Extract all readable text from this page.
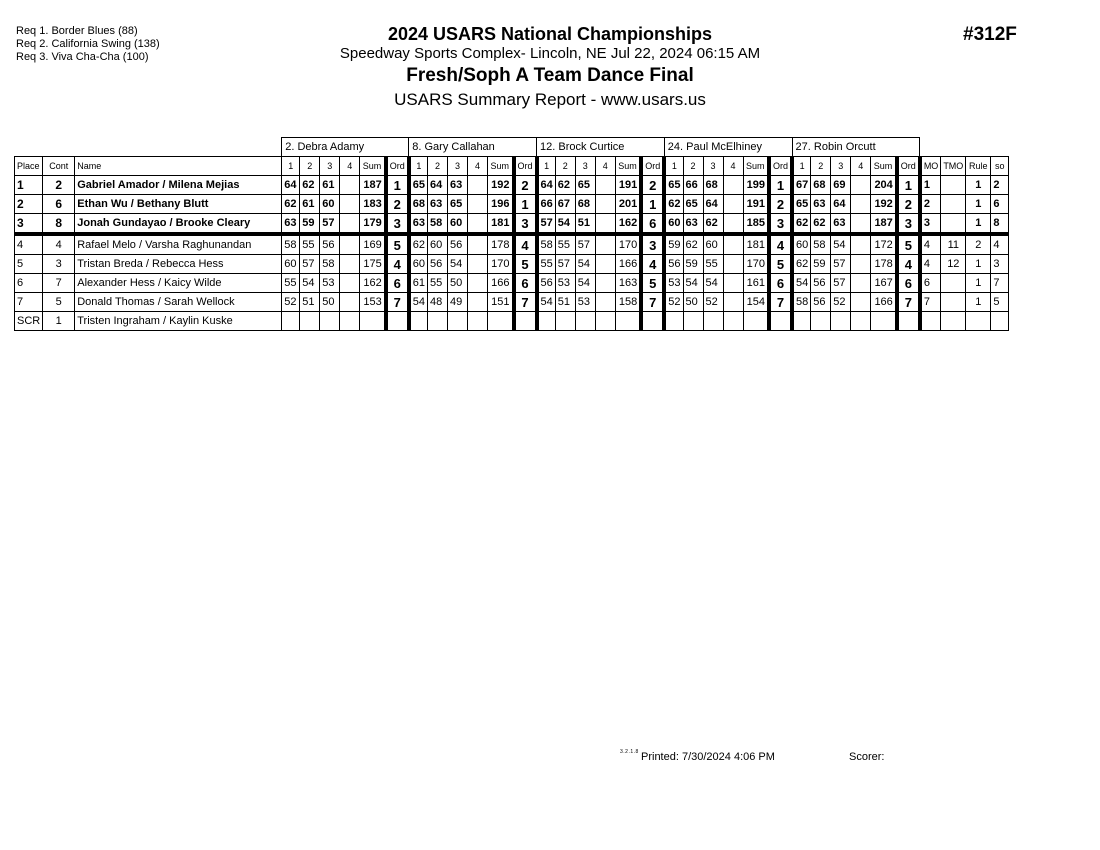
Req 1. Border Blues (88)
Req 2. California Swing (138)
Req 3. Viva Cha-Cha (100)
2024 USARS National Championships
Speedway Sports Complex- Lincoln, NE Jul 22, 2024 06:15 AM
Fresh/Soph A Team Dance Final
USARS Summary Report - www.usars.us
#312F
			2. Debra Adamy						8. Gary Callahan						12. Brock Curtice						24. Paul McElhiney						27. Robin Orcutt									
Place	Cont	Name	1	2	3	4	Sum	Ord	1	2	3	4	Sum	Ord	1	2	3	4	Sum	Ord	1	2	3	4	Sum	Ord	1	2	3	4	Sum	Ord	MO	TMO	Rule	so
1	2	Gabriel Amador / Milena Mejias	64	62	61		187	1	65	64	63		192	2	64	62	65		191	2	65	66	68		199	1	67	68	69		204	1	1		1	2
2	6	Ethan Wu / Bethany Blutt	62	61	60		183	2	68	63	65		196	1	66	67	68		201	1	62	65	64		191	2	65	63	64		192	2	2		1	6
3	8	Jonah Gundayao / Brooke Cleary	63	59	57		179	3	63	58	60		181	3	57	54	51		162	6	60	63	62		185	3	62	62	63		187	3	3		1	8
4	4	Rafael Melo / Varsha Raghunandan	58	55	56		169	5	62	60	56		178	4	58	55	57		170	3	59	62	60		181	4	60	58	54		172	5	4	11	2	4
5	3	Tristan Breda / Rebecca Hess	60	57	58		175	4	60	56	54		170	5	55	57	54		166	4	56	59	55		170	5	62	59	57		178	4	4	12	1	3
6	7	Alexander Hess / Kaicy Wilde	55	54	53		162	6	61	55	50		166	6	56	53	54		163	5	53	54	54		161	6	54	56	57		167	6	6		1	7
7	5	Donald Thomas / Sarah Wellock	52	51	50		153	7	54	48	49		151	7	54	51	53		158	7	52	50	52		154	7	58	56	52		166	7	7		1	5
SCR	1	Tristen Ingraham / Kaylin Kuske																																		
3.2.1.8 Printed: 7/30/2024 4:06 PM	Scorer:
